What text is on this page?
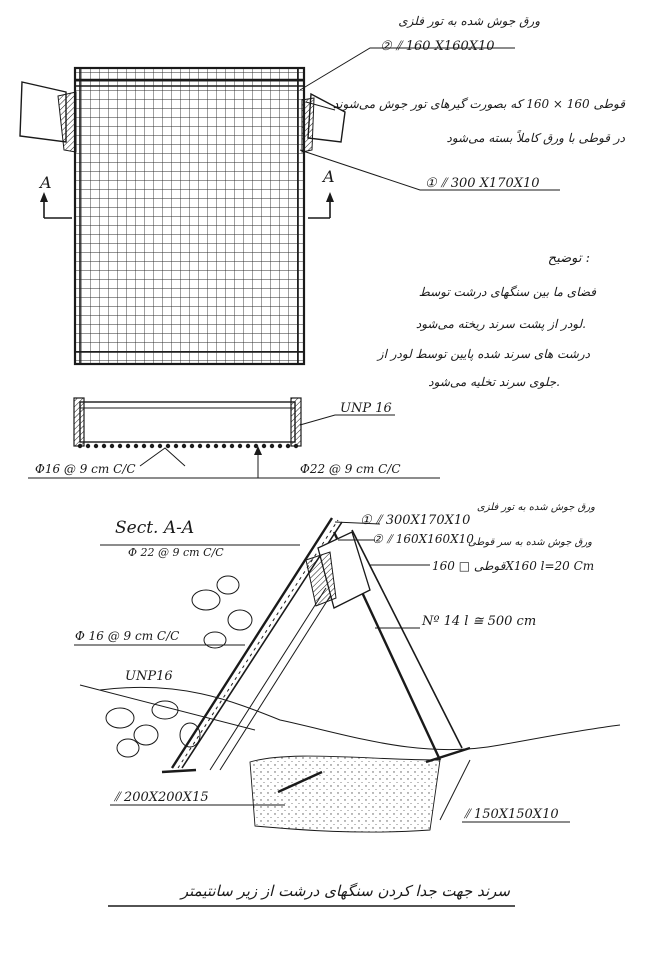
A	A
ورق جوش شده به تور فلزی
② ⫽ 160 X160X10
قوطی 160 × 160 که بصورت گیرهای تور جوش می‌شوند
در قوطی با ورق کاملاً بسته می‌شود
① ⫽ 300 X170X10
توضیح :
فضای ما بین سنگهای درشت توسط
لودر از پشت سرند ریخته می‌شود.
درشت های سرند شده پایین توسط لودر از
جلوی سرند تخلیه می‌شود.
UNP 16
Φ16 @ 9 cm C/C	Φ22 @ 9 cm C/C
Sect. A-A
Φ 22 @ 9 cm C/C
① ⫽ 300X170X10
ورق جوش شده به تور فلزی
② ⫽ 160X160X10
ورق جوش شده به سر قوطی
قوطی □ 160X160 l=20 Cm
Nº 14 l ≅ 500 cm
Φ 16 @ 9 cm C/C
UNP16
⫽ 200X200X15
⫽ 150X150X10
سرند جهت جدا کردن سنگهای درشت از زیر سانتیمتر
